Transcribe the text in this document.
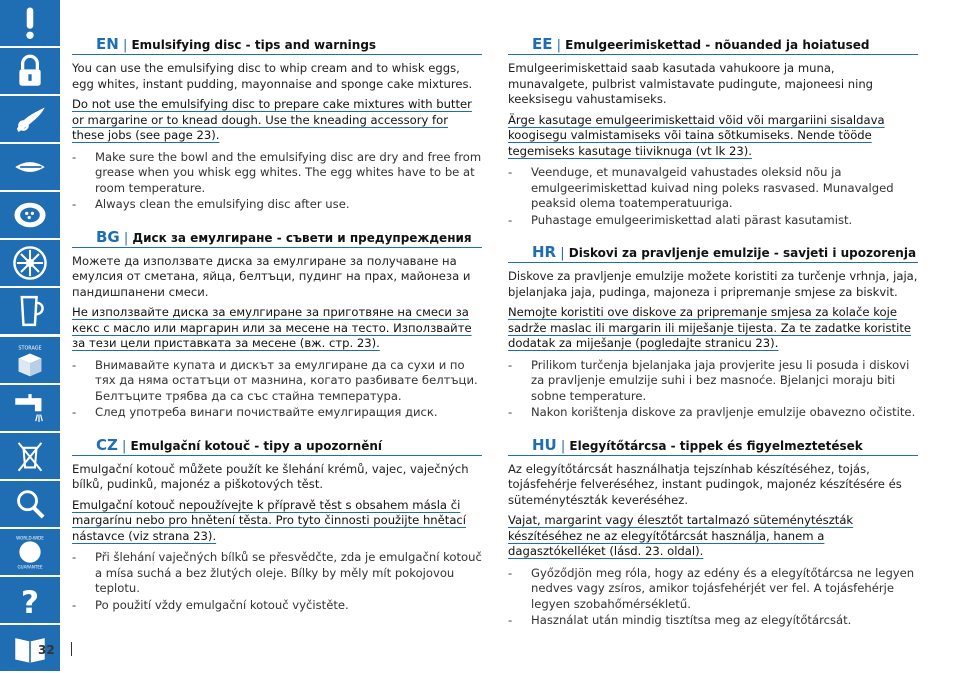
STORAGE
WORLD-WIDE
GUARANTEE
?
32
EN | Emulsifying disc - tips and warnings

You can use the emulsifying disc to whip cream and to whisk eggs, egg whites, instant pudding, mayonnaise and sponge cake mixtures.

Do not use the emulsifying disc to prepare cake mixtures with butter or margarine or to knead dough. Use the kneading accessory for these jobs (see page 23).

- Make sure the bowl and the emulsifying disc are dry and free from grease when you whisk egg whites. The egg whites have to be at room temperature.
- Always clean the emulsifying disc after use.
BG | Диск за емулгиране - съвети и предупреждения

Можете да използвате диска за емулгиране за получаване на емулсия от сметана, яйца, белтъци, пудинг на прах, майонеза и пандишпанени смеси.

Не използвайте диска за емулгиране за приготвяне на смеси за кекс с масло или маргарин или за месене на тесто. Използвайте за тези цели приставката за месене (вж. стр. 23).

- Внимавайте купата и дискът за емулгиране да са сухи и по тях да няма остатъци от мазнина, когато разбивате белтъци. Белтъците трябва да са със стайна температура.
- След употреба винаги почиствайте емулгиращия диск.
CZ | Emulgační kotouč - tipy a upozornění

Emulgační kotouč můžete použít ke šlehání krémů, vajec, vaječných bílků, pudinků, majonéz a piškotových těst.

Emulgační kotouč nepoužívejte k přípravě těst s obsahem másla či margarínu nebo pro hnětení těsta. Pro tyto činnosti použijte hnětací nástavce (viz strana 23).

- Při šlehání vaječných bílků se přesvědčte, zda je emulgační kotouč a mísa suchá a bez žlutých oleje. Bílky by měly mít pokojovou teplotu.
- Po použití vždy emulgační kotouč vyčistěte.
EE | Emulgeerimiskettad - nõuanded ja hoiatused

Emulgeerimiskettaid saab kasutada vahukoore ja muna, munavalgete, pulbrist valmistavate pudingute, majoneesi ning keeksisegu vahustamiseks.

Ärge kasutage emulgeerimiskettaid võid või margariini sisaldava koogisegu valmistamiseks või taina sõtkumiseks. Nende tööde tegemiseks kasutage tiiviknuga (vt lk 23).

- Veenduge, et munavalgeid vahustades oleksid nõu ja emulgeerimiskettad kuivad ning poleks rasvased. Munavalged peaksid olema toatemperatuuriga.
- Puhastage emulgeerimiskettad alati pärast kasutamist.
HR | Diskovi za pravljenje emulzije - savjeti i upozorenja

Diskove za pravljenje emulzije možete koristiti za turčenje vrhnja, jaja, bjelanjaka jaja, pudinga, majoneza i pripremanje smjese za biskvit.

Nemojte koristiti ove diskove za pripremanje smjesa za kolače koje sadrže maslac ili margarin ili miješanje tijesta. Za te zadatke koristite dodatak za miješanje (pogledajte stranicu 23).

- Prilikom turčenja bjelanjaka jaja provjerite jesu li posuda i diskovi za pravljenje emulzije suhi i bez masnoće. Bjelanjci moraju biti sobne temperature.
- Nakon korištenja diskove za pravljenje emulzije obavezno očistite.
HU | Elegyítőtárcsa - tippek és figyelmeztetések

Az elegyítőtárcsát használhatja tejszínhab készítéséhez, tojás, tojásfehérje felveréséhez, instant pudingok, majonéz készítésére és süteménytészták keveréséhez.

Vajat, margarint vagy élesztőt tartalmazó süteménytészták készítéséhez ne az elegyítőtárcsát használja, hanem a dagasztókelléket (lásd. 23. oldal).

- Győződjön meg róla, hogy az edény és a elegyítőtárcsa ne legyen nedves vagy zsíros, amikor tojásfehérjét ver fel. A tojásfehérje legyen szobahőmérsékletű.
- Használat után mindig tisztítsa meg az elegyítőtárcsát.
